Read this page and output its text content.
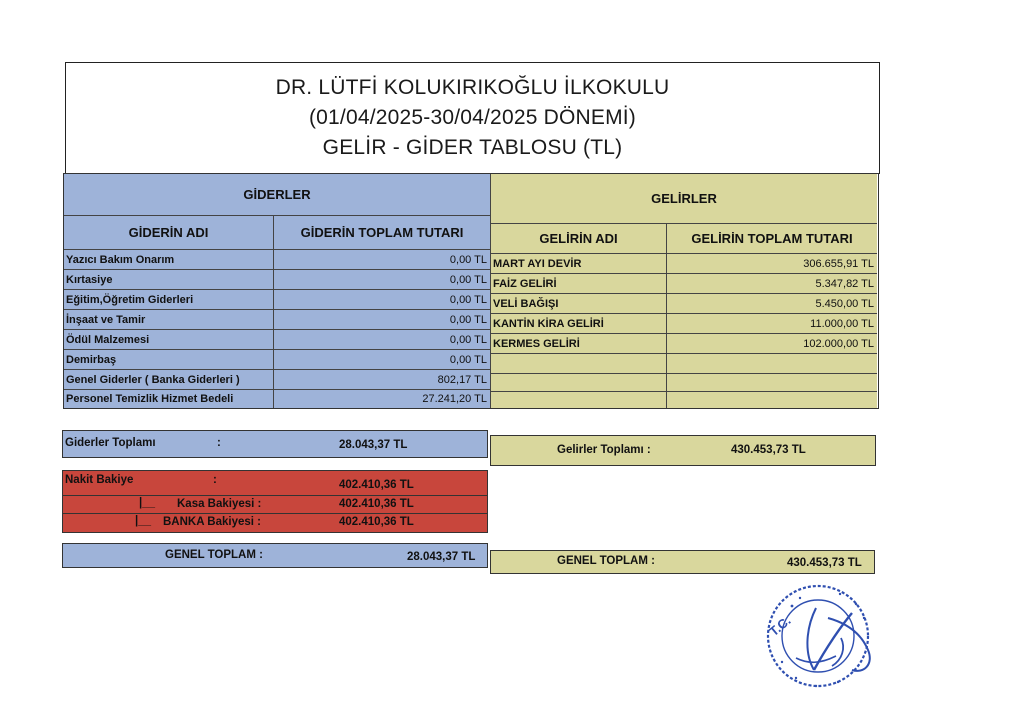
DR. LÜTFİ KOLUKIRIKOĞLU İLKOKULU
(01/04/2025-30/04/2025 DÖNEMİ)
GELİR - GİDER TABLOSU (TL)
GİDERLER	GELİRLER
GİDERİN ADI	GİDERİN TOPLAM TUTARI	GELİRİN ADI	GELİRİN TOPLAM TUTARI
Yazıcı Bakım Onarım	0,00 TL
Kırtasiye	0,00 TL
Eğitim,Öğretim Giderleri	0,00 TL
İnşaat ve Tamir	0,00 TL
Ödül Malzemesi	0,00 TL
Demirbaş	0,00 TL
Genel Giderler ( Banka Giderleri )	802,17 TL
Personel Temizlik Hizmet Bedeli	27.241,20 TL
MART AYI DEVİR	306.655,91 TL
FAİZ GELİRİ	5.347,82 TL
VELİ BAĞIŞI	5.450,00 TL
KANTİN KİRA GELİRİ	11.000,00 TL
KERMES GELİRİ	102.000,00 TL
Giderler Toplamı	:	28.043,37 TL	Gelirler Toplamı :	430.453,73 TL
Nakit Bakiye	:	402.410,36 TL
|__ Kasa Bakiyesi :	402.410,36 TL
|__ BANKA Bakiyesi :	402.410,36 TL
GENEL TOPLAM :	28.043,37 TL	GENEL TOPLAM :	430.453,73 TL
T.C.
